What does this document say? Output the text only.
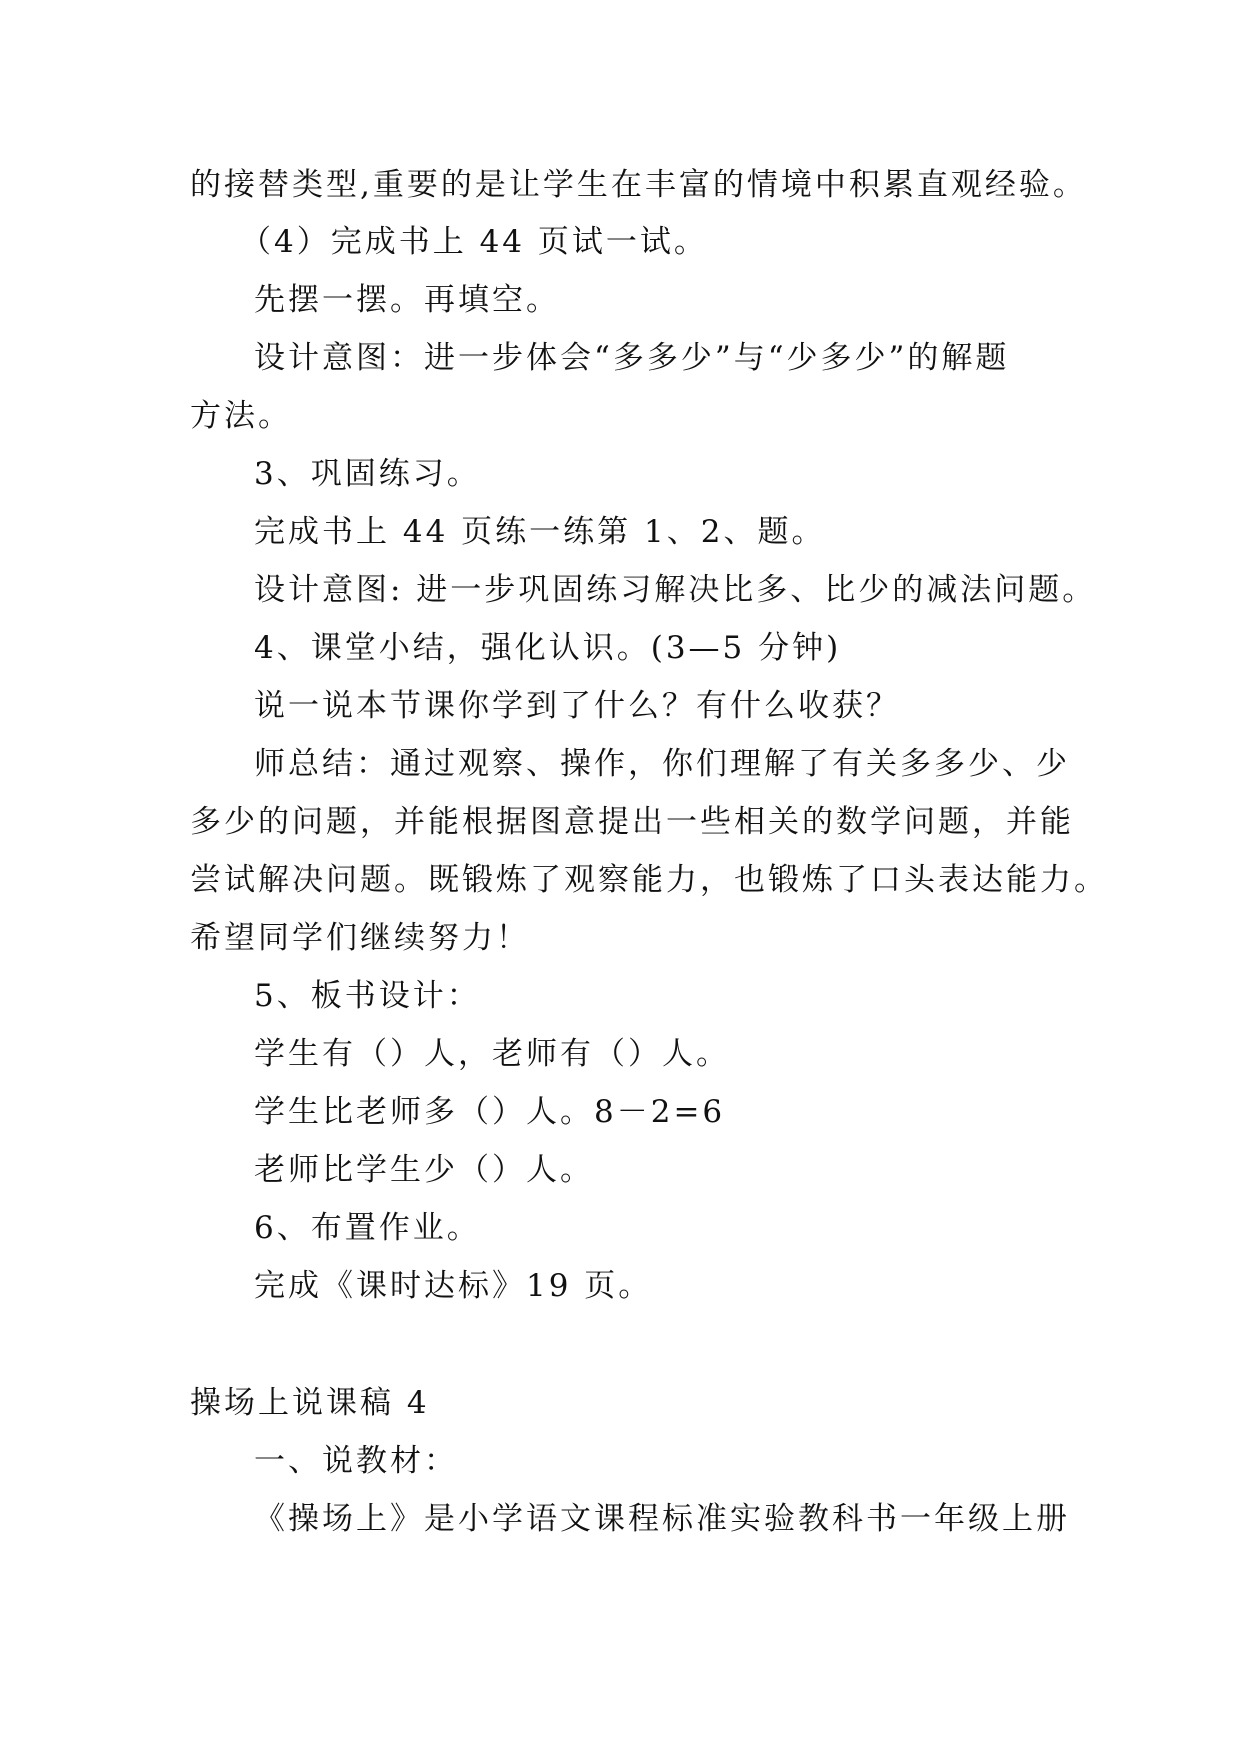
的接替类型,重要的是让学生在丰富的情境中积累直观经验。
（4）完成书上 44 页试一试。
先摆一摆。再填空。
设计意图：进一步体会“多多少”与“少多少”的解题
方法。
3、巩固练习。
完成书上 44 页练一练第 1、2、题。
设计意图: 进一步巩固练习解决比多、比少的减法问题。
4、课堂小结，强化认识。(3—5 分钟)
说一说本节课你学到了什么？有什么收获？
师总结：通过观察、操作，你们理解了有关多多少、少
多少的问题，并能根据图意提出一些相关的数学问题，并能
尝试解决问题。既锻炼了观察能力，也锻炼了口头表达能力。
希望同学们继续努力！
5、板书设计：
学生有（）人，老师有（）人。
学生比老师多（）人。8－2=6
老师比学生少（）人。
6、布置作业。
完成《课时达标》19 页。
操场上说课稿 4
一、说教材：
《操场上》是小学语文课程标准实验教科书一年级上册
